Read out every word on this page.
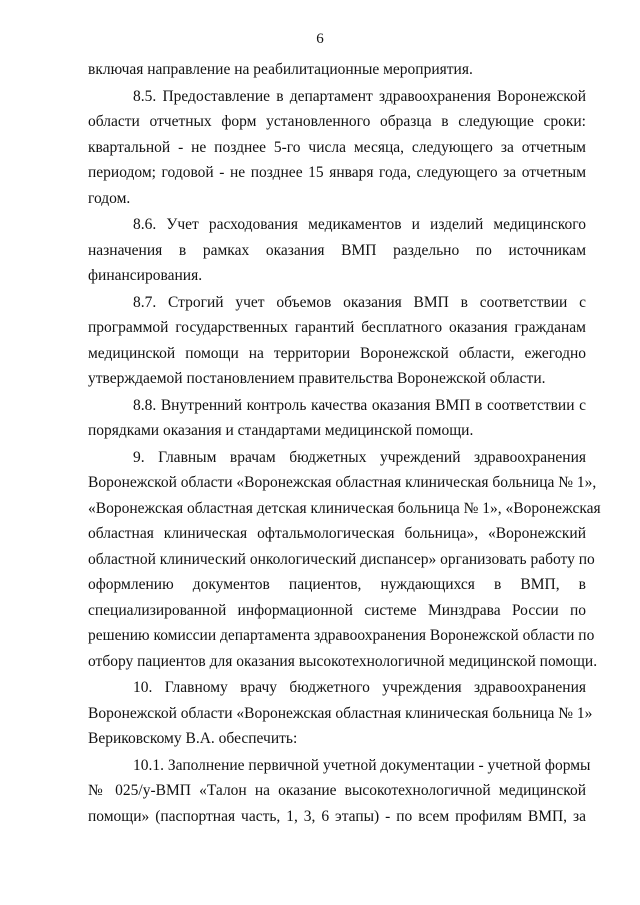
6
включая направление на реабилитационные мероприятия.
8.5. Предоставление в департамент здравоохранения Воронежской
области отчетных форм установленного образца в следующие сроки:
квартальной - не позднее 5-го числа месяца, следующего за отчетным
периодом; годовой - не позднее 15 января года, следующего за отчетным
годом.
8.6. Учет расходования медикаментов и изделий медицинского
назначения в рамках оказания ВМП раздельно по источникам
финансирования.
8.7. Строгий учет объемов оказания ВМП в соответствии с
программой государственных гарантий бесплатного оказания гражданам
медицинской помощи на территории Воронежской области, ежегодно
утверждаемой постановлением правительства Воронежской области.
8.8. Внутренний контроль качества оказания ВМП в соответствии с
порядками оказания и стандартами медицинской помощи.
9. Главным врачам бюджетных учреждений здравоохранения
Воронежской области «Воронежская областная клиническая больница № 1»,
«Воронежская областная детская клиническая больница № 1», «Воронежская
областная клиническая офтальмологическая больница», «Воронежский
областной клинический онкологический диспансер» организовать работу по
оформлению документов пациентов, нуждающихся в ВМП, в
специализированной информационной системе Минздрава России по
решению комиссии департамента здравоохранения Воронежской области по
отбору пациентов для оказания высокотехнологичной медицинской помощи.
10. Главному врачу бюджетного учреждения здравоохранения
Воронежской области «Воронежская областная клиническая больница № 1»
Вериковскому В.А. обеспечить:
10.1. Заполнение первичной учетной документации - учетной формы
№ 025/у-ВМП «Талон на оказание высокотехнологичной медицинской
помощи» (паспортная часть, 1, 3, 6 этапы) - по всем профилям ВМП, за
